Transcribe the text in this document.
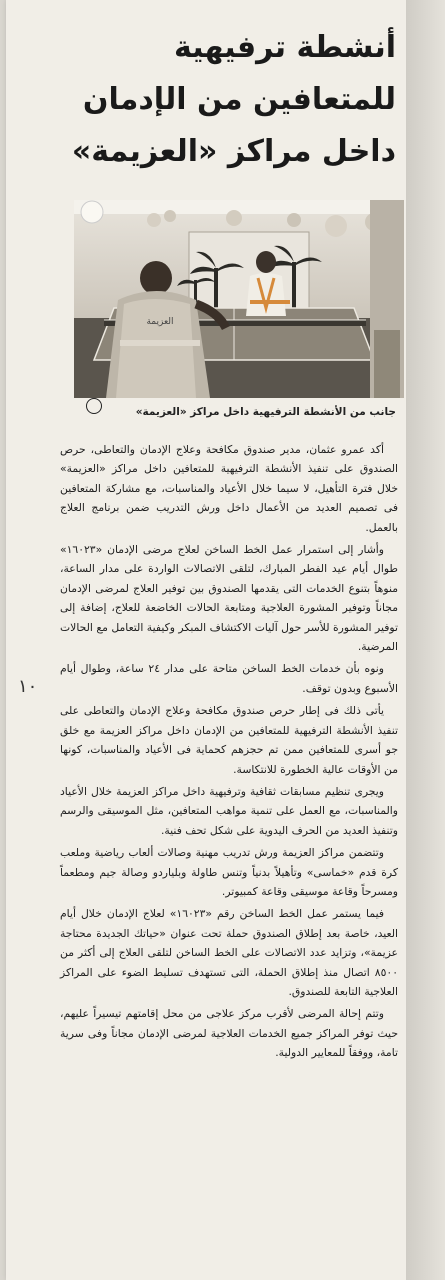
أنشطة ترفيهية
للمتعافين من الإدمان
داخل مراكز «العزيمة»
العزيمة
جانب من الأنشطة الترفيهية داخل مراكز «العزيمة»

أكد عمرو عثمان، مدير صندوق مكافحة وعلاج الإدمان والتعاطى، حرص الصندوق على تنفيذ الأنشطة الترفيهية للمتعافين داخل مراكز «العزيمة» خلال فترة التأهيل، لا سيما خلال الأعياد والمناسبات، مع مشاركة المتعافين فى تصميم العديد من الأعمال داخل ورش التدريب ضمن برنامج العلاج بالعمل.

وأشار إلى استمرار عمل الخط الساخن لعلاج مرضى الإدمان «١٦٠٢٣» طوال أيام عيد الفطر المبارك، لتلقى الاتصالات الواردة على مدار الساعة، منوهاً بتنوع الخدمات التى يقدمها الصندوق بين توفير العلاج لمرضى الإدمان مجاناً وتوفير المشورة العلاجية ومتابعة الحالات الخاضعة للعلاج، إضافة إلى توفير المشورة للأسر حول آليات الاكتشاف المبكر وكيفية التعامل مع الحالات المرضية.

ونوه بأن خدمات الخط الساخن متاحة على مدار ٢٤ ساعة، وطوال أيام الأسبوع وبدون توقف.

يأتى ذلك فى إطار حرص صندوق مكافحة وعلاج الإدمان والتعاطى على تنفيذ الأنشطة الترفيهية للمتعافين من الإدمان داخل مراكز العزيمة مع خلق جو أسرى للمتعافين ممن تم حجزهم كحماية فى الأعياد والمناسبات، كونها من الأوقات عالية الخطورة للانتكاسة.

ويجرى تنظيم مسابقات ثقافية وترفيهية داخل مراكز العزيمة خلال الأعياد والمناسبات، مع العمل على تنمية مواهب المتعافين، مثل الموسيقى والرسم وتنفيذ العديد من الحرف اليدوية على شكل تحف فنية.

وتتضمن مراكز العزيمة ورش تدريب مهنية وصالات ألعاب رياضية وملعب كرة قدم «خماسى» وتأهيلاً بدنياً وتنس طاولة وبلياردو وصالة جيم ومطعماً ومسرحاً وقاعة موسيقى وقاعة كمبيوتر.

فيما يستمر عمل الخط الساخن رقم «١٦٠٢٣» لعلاج الإدمان خلال أيام العيد، خاصة بعد إطلاق الصندوق حملة تحت عنوان «حياتك الجديدة محتاجة عزيمة»، وتزايد عدد الاتصالات على الخط الساخن لتلقى العلاج إلى أكثر من ٨٥٠٠ اتصال منذ إطلاق الحملة، التى تستهدف تسليط الضوء على المراكز العلاجية التابعة للصندوق.

وتتم إحالة المرضى لأقرب مركز علاجى من محل إقامتهم تيسيراً عليهم، حيث توفر المراكز جميع الخدمات العلاجية لمرضى الإدمان مجاناً وفى سرية تامة، ووفقاً للمعايير الدولية.

١٠
